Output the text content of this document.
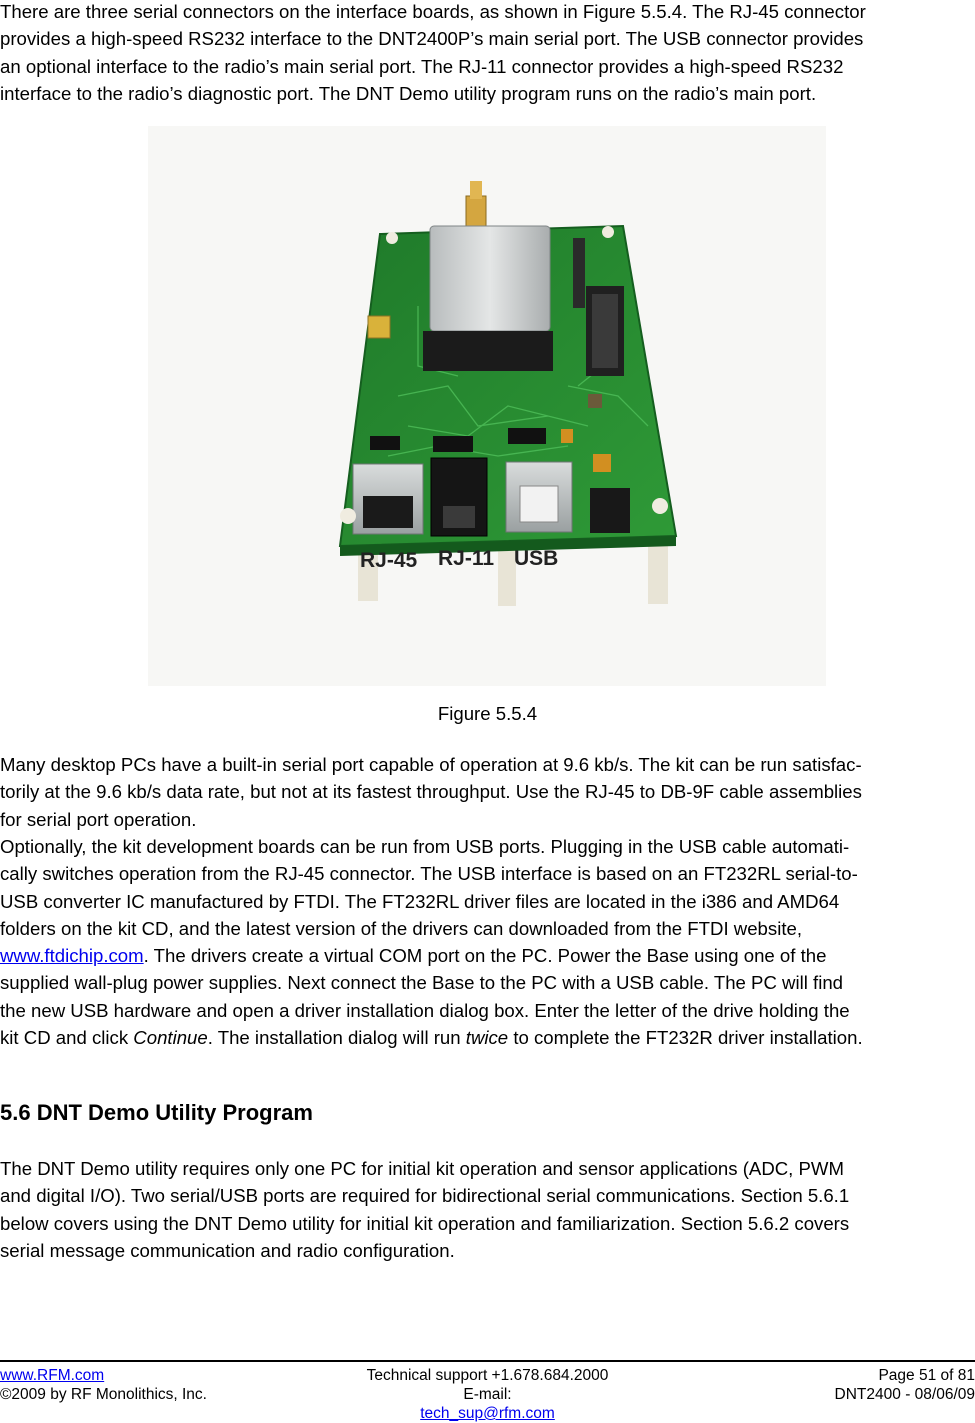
There are three serial connectors on the interface boards, as shown in Figure 5.5.4. The RJ-45 connector
provides a high-speed RS232 interface to the DNT2400P’s main serial port. The USB connector provides
an optional interface to the radio’s main serial port. The RJ-11 connector provides a high-speed RS232
interface to the radio’s diagnostic port. The DNT Demo utility program runs on the radio’s main port.
RJ-45 RJ-11 USB
Figure 5.5.4
Many desktop PCs have a built-in serial port capable of operation at 9.6 kb/s. The kit can be run satisfac-
torily at the 9.6 kb/s data rate, but not at its fastest throughput. Use the RJ-45 to DB-9F cable assemblies
for serial port operation.
Optionally, the kit development boards can be run from USB ports. Plugging in the USB cable automati-
cally switches operation from the RJ-45 connector. The USB interface is based on an FT232RL serial-to-
USB converter IC manufactured by FTDI. The FT232RL driver files are located in the i386 and AMD64
folders on the kit CD, and the latest version of the drivers can downloaded from the FTDI website,
www.ftdichip.com. The drivers create a virtual COM port on the PC. Power the Base using one of the
supplied wall-plug power supplies. Next connect the Base to the PC with a USB cable. The PC will find
the new USB hardware and open a driver installation dialog box. Enter the letter of the drive holding the
kit CD and click Continue. The installation dialog will run twice to complete the FT232R driver installation.
5.6 DNT Demo Utility Program
The DNT Demo utility requires only one PC for initial kit operation and sensor applications (ADC, PWM
and digital I/O). Two serial/USB ports are required for bidirectional serial communications. Section 5.6.1
below covers using the DNT Demo utility for initial kit operation and familiarization. Section 5.6.2 covers
serial message communication and radio configuration.
www.RFM.com
©2009 by RF Monolithics, Inc.
Technical support +1.678.684.2000
E-mail:
tech_sup@rfm.com
Page 51 of 81
DNT2400 - 08/06/09
